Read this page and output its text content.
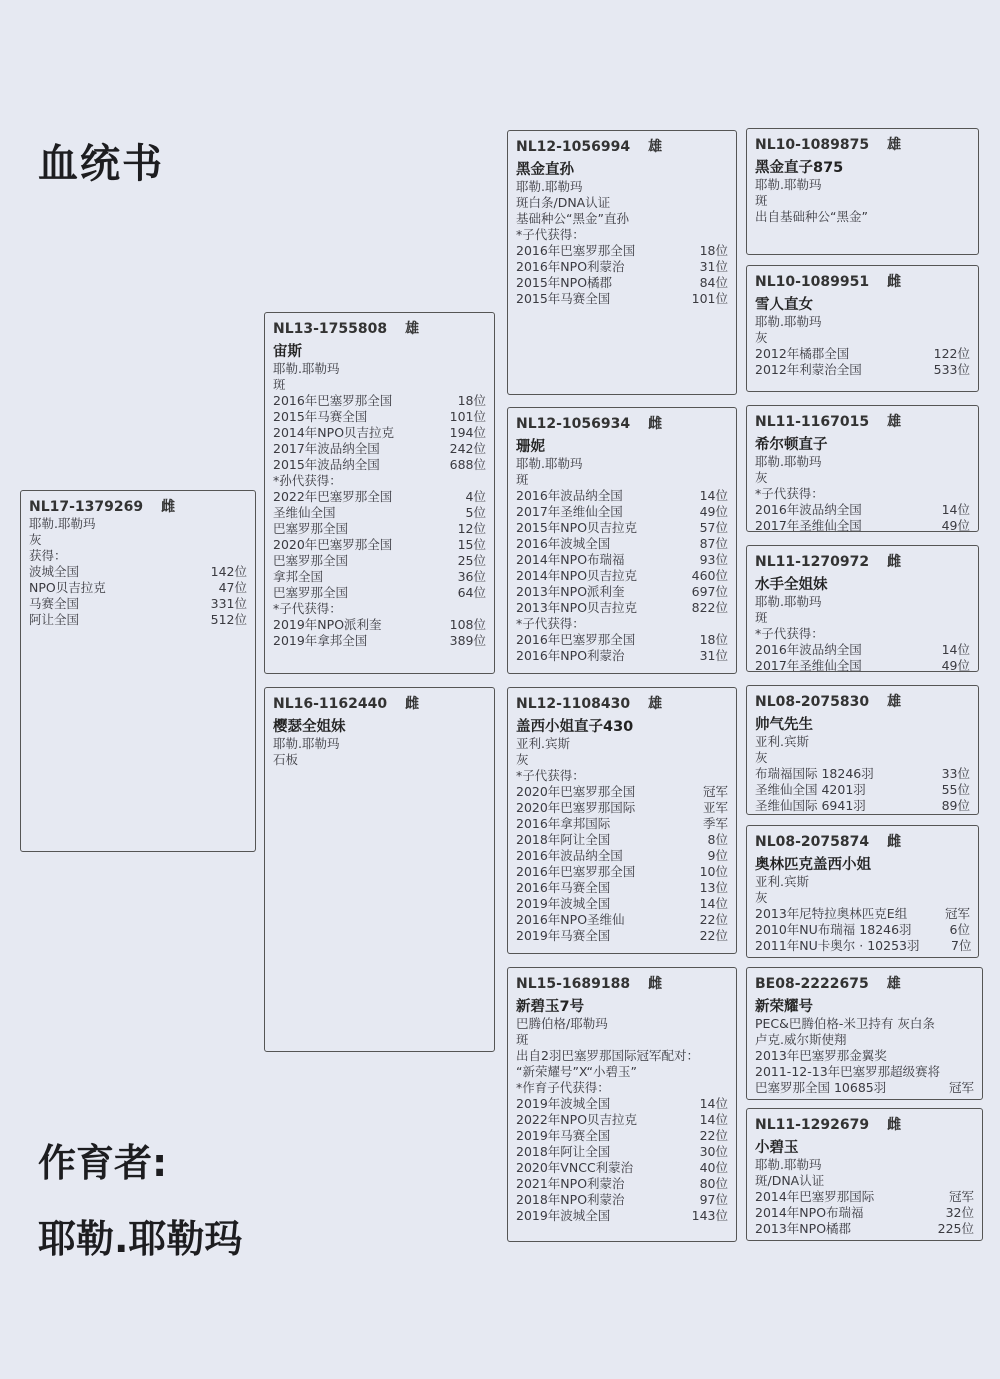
血统书
作育者:
耶勒.耶勒玛
NL17-1379269 雌
耶勒.耶勒玛
灰
获得：
波城全国	142位
NPO贝吉拉克	47位
马赛全国	331位
阿让全国	512位
NL13-1755808 雄
宙斯
耶勒.耶勒玛
斑
2016年巴塞罗那全国	18位
2015年马赛全国	101位
2014年NPO贝吉拉克	194位
2017年波品纳全国	242位
2015年波品纳全国	688位
*孙代获得：
2022年巴塞罗那全国	4位
圣维仙全国	5位
巴塞罗那全国	12位
2020年巴塞罗那全国	15位
巴塞罗那全国	25位
拿邦全国	36位
巴塞罗那全国	64位
*子代获得：
2019年NPO派利奎	108位
2019年拿邦全国	389位
NL16-1162440 雌
樱瑟全姐妹
耶勒.耶勒玛
石板
NL12-1056994 雄
黑金直孙
耶勒.耶勒玛
斑白条/DNA认证
基础种公“黑金”直孙
*子代获得：
2016年巴塞罗那全国	18位
2016年NPO利蒙治	31位
2015年NPO橘郡	84位
2015年马赛全国	101位
NL12-1056934 雌
珊妮
耶勒.耶勒玛
斑
2016年波品纳全国	14位
2017年圣维仙全国	49位
2015年NPO贝吉拉克	57位
2016年波城全国	87位
2014年NPO布瑞福	93位
2014年NPO贝吉拉克	460位
2013年NPO派利奎	697位
2013年NPO贝吉拉克	822位
*子代获得：
2016年巴塞罗那全国	18位
2016年NPO利蒙治	31位
NL12-1108430 雄
盖西小姐直子430
亚利.宾斯
灰
*子代获得：
2020年巴塞罗那全国	冠军
2020年巴塞罗那国际	亚军
2016年拿邦国际	季军
2018年阿让全国	8位
2016年波品纳全国	9位
2016年巴塞罗那全国	10位
2016年马赛全国	13位
2019年波城全国	14位
2016年NPO圣维仙	22位
2019年马赛全国	22位
NL15-1689188 雌
新碧玉7号
巴腾伯格/耶勒玛
斑
出自2羽巴塞罗那国际冠军配对：
“新荣耀号”X“小碧玉”
*作育子代获得：
2019年波城全国	14位
2022年NPO贝吉拉克	14位
2019年马赛全国	22位
2018年阿让全国	30位
2020年VNCC利蒙治	40位
2021年NPO利蒙治	80位
2018年NPO利蒙治	97位
2019年波城全国	143位
NL10-1089875 雄
黑金直子875
耶勒.耶勒玛
斑
出自基础种公“黑金”
NL10-1089951 雌
雪人直女
耶勒.耶勒玛
灰
2012年橘郡全国	122位
2012年利蒙治全国	533位
NL11-1167015 雄
希尔顿直子
耶勒.耶勒玛
灰
*子代获得：
2016年波品纳全国	14位
2017年圣维仙全国	49位
NL11-1270972 雌
水手全姐妹
耶勒.耶勒玛
斑
*子代获得：
2016年波品纳全国	14位
2017年圣维仙全国	49位
NL08-2075830 雄
帅气先生
亚利.宾斯
灰
布瑞福国际 18246羽	33位
圣维仙全国 4201羽	55位
圣维仙国际 6941羽	89位
NL08-2075874 雌
奥林匹克盖西小姐
亚利.宾斯
灰
2013年尼特拉奥林匹克E组	冠军
2010年NU布瑞福 18246羽	6位
2011年NU卡奥尔 · 10253羽	7位
BE08-2222675 雄
新荣耀号
PEC&巴腾伯格-米卫持有 灰白条
卢克.威尔斯使翔
2013年巴塞罗那金翼奖
2011-12-13年巴塞罗那超级赛将
巴塞罗那全国 10685羽	冠军
NL11-1292679 雌
小碧玉
耶勒.耶勒玛
斑/DNA认证
2014年巴塞罗那国际	冠军
2014年NPO布瑞福	32位
2013年NPO橘郡	225位
